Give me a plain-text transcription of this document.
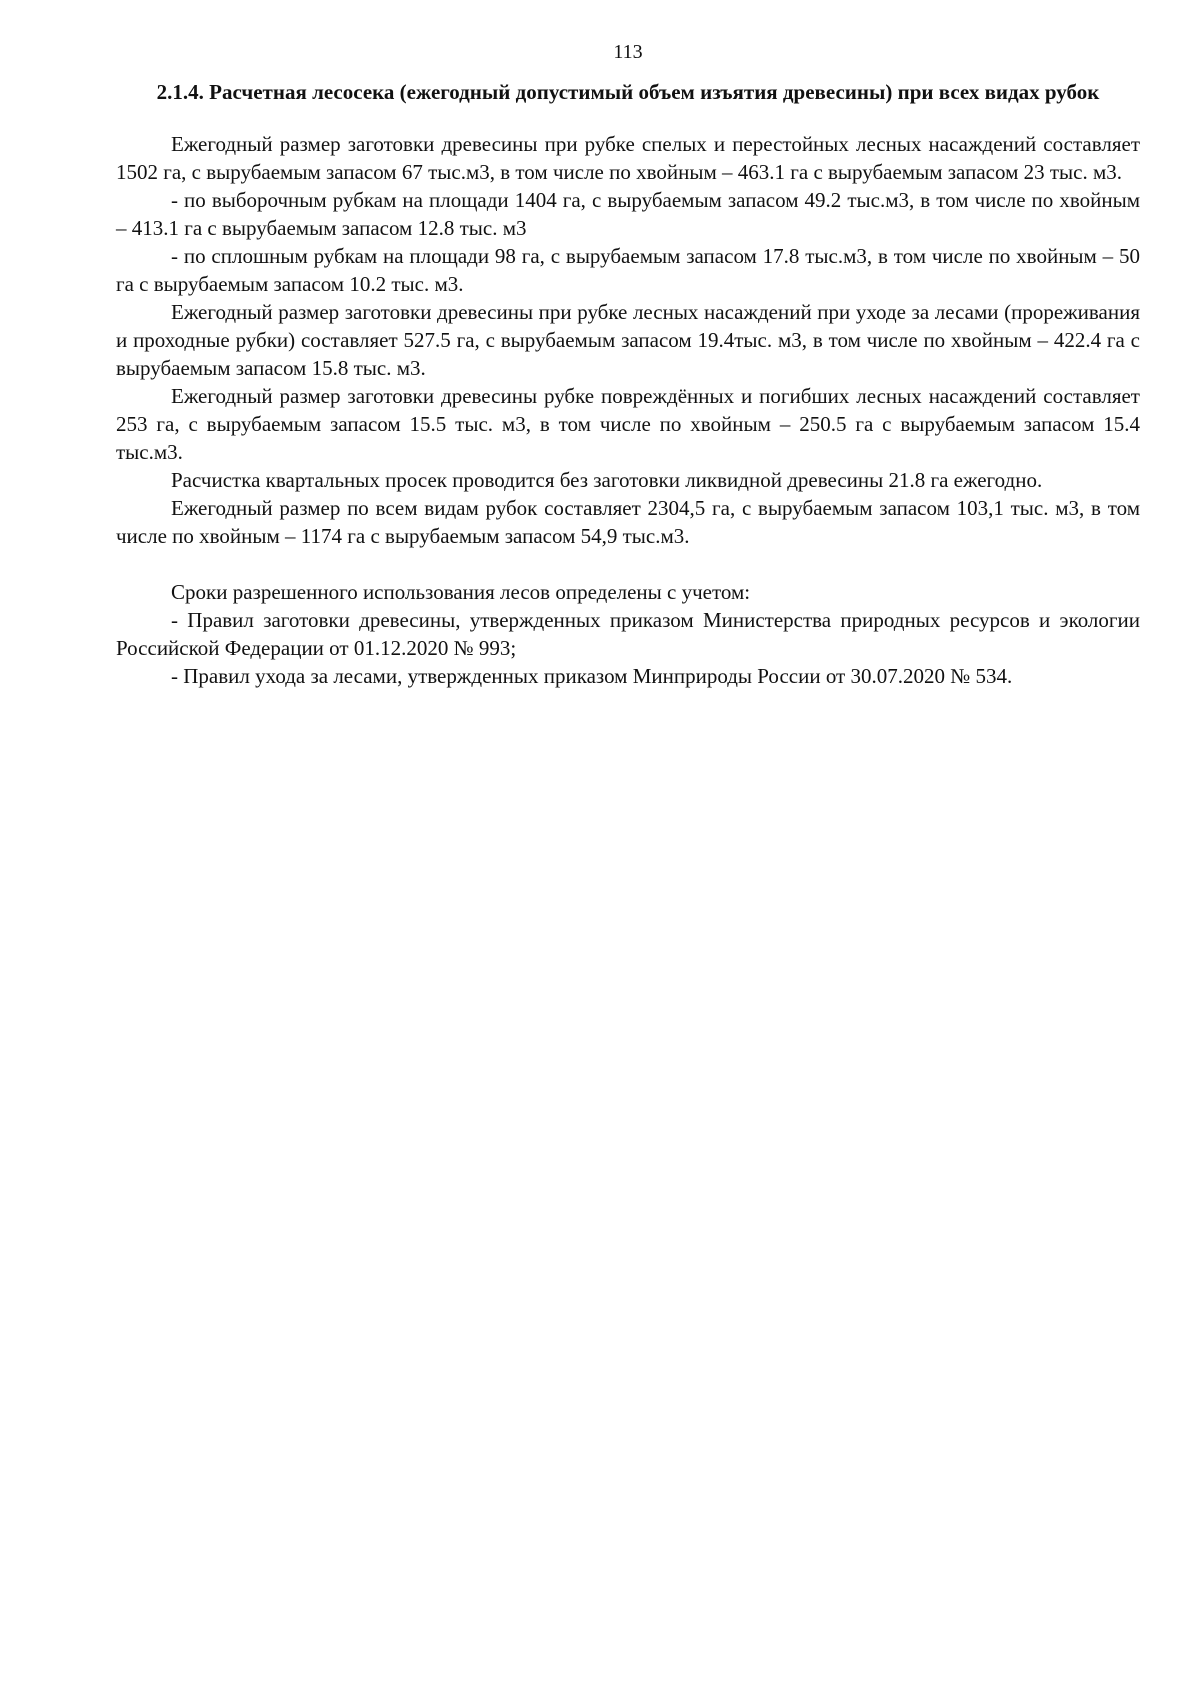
113
2.1.4. Расчетная лесосека (ежегодный допустимый объем изъятия древесины) при всех видах рубок

Ежегодный размер заготовки древесины при рубке спелых и перестойных лесных насаждений составляет 1502 га, с вырубаемым запасом 67 тыс.м3, в том числе по хвойным – 463.1 га с вырубаемым запасом 23 тыс. м3.

- по выборочным рубкам на площади 1404 га, с вырубаемым запасом 49.2 тыс.м3, в том числе по хвойным – 413.1 га с вырубаемым запасом 12.8 тыс. м3

- по сплошным рубкам на площади 98 га, с вырубаемым запасом 17.8 тыс.м3, в том числе по хвойным – 50 га с вырубаемым запасом 10.2 тыс. м3.

Ежегодный размер заготовки древесины при рубке лесных насаждений при уходе за лесами (прореживания и проходные рубки) составляет 527.5 га, с вырубаемым запасом 19.4тыс. м3, в том числе по хвойным – 422.4 га с вырубаемым запасом 15.8 тыс. м3.

Ежегодный размер заготовки древесины рубке повреждённых и погибших лесных насаждений составляет 253 га, с вырубаемым запасом 15.5 тыс. м3, в том числе по хвойным – 250.5 га с вырубаемым запасом 15.4 тыс.м3.

Расчистка квартальных просек проводится без заготовки ликвидной древесины 21.8 га ежегодно.

Ежегодный размер по всем видам рубок составляет 2304,5 га, с вырубаемым запасом 103,1 тыс. м3, в том числе по хвойным – 1174 га с вырубаемым запасом 54,9 тыс.м3.

Сроки разрешенного использования лесов определены с учетом:

- Правил заготовки древесины, утвержденных приказом Министерства природных ресурсов и экологии Российской Федерации от 01.12.2020 № 993;

- Правил ухода за лесами, утвержденных приказом Минприроды России от 30.07.2020 № 534.
